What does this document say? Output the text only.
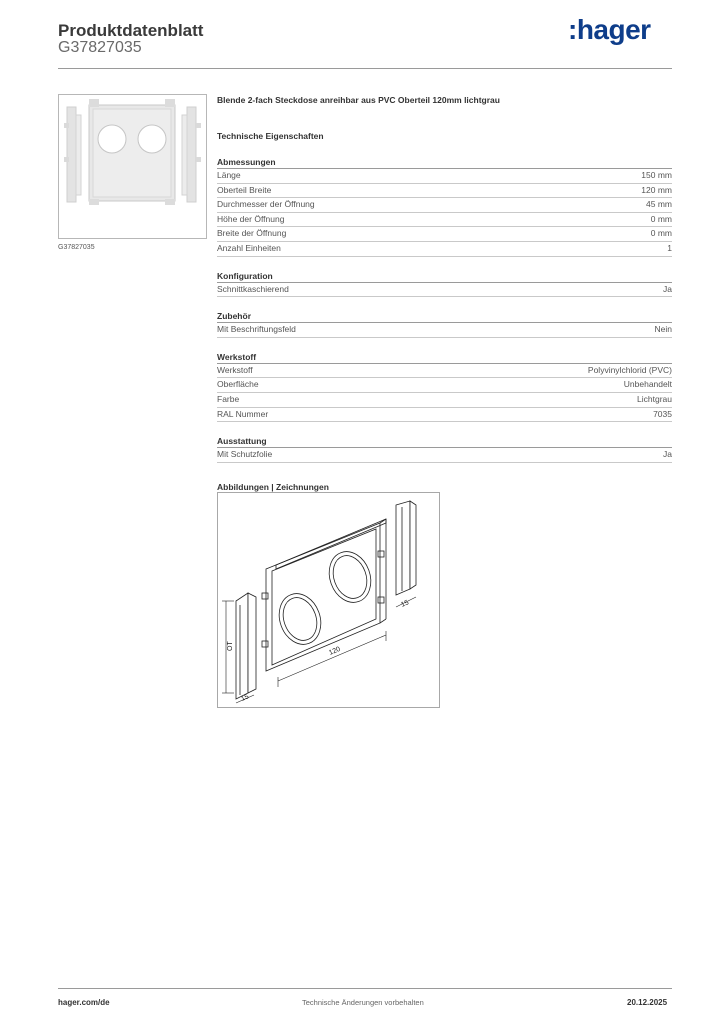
Produktdatenblatt
G37827035
:hager
G37827035
Blende 2-fach Steckdose anreihbar aus PVC Oberteil 120mm lichtgrau
Technische Eigenschaften
Abmessungen
Länge	150 mm
Oberteil Breite	120 mm
Durchmesser der Öffnung	45 mm
Höhe der Öffnung	0 mm
Breite der Öffnung	0 mm
Anzahl Einheiten	1
Konfiguration
Schnittkaschierend	Ja
Zubehör
Mit Beschriftungsfeld	Nein
Werkstoff
Werkstoff	Polyvinylchlorid (PVC)
Oberfläche	Unbehandelt
Farbe	Lichtgrau
RAL Nummer	7035
Ausstattung
Mit Schutzfolie	Ja
Abbildungen | Zeichnungen
OT	120
15
15
hager.com/de	Technische Änderungen vorbehalten	20.12.2025
